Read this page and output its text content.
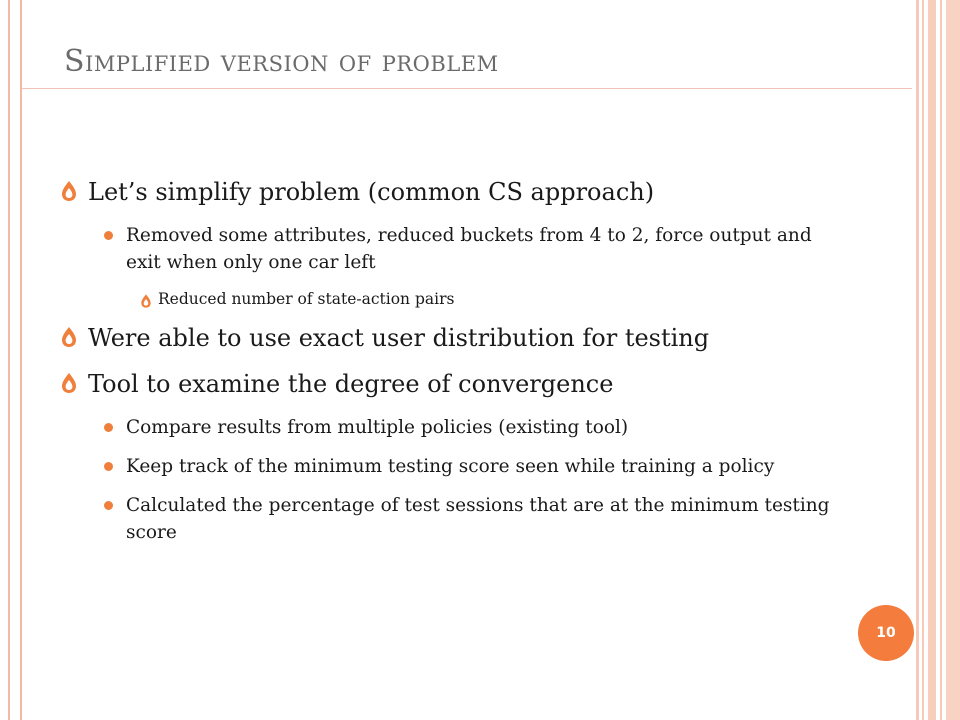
Simplified version of problem
Let’s simplify problem (common CS approach)
Removed some attributes, reduced buckets from 4 to 2, force output and exit when only one car left
Reduced number of state-action pairs
Were able to use exact user distribution for testing
Tool to examine the degree of convergence
Compare results from multiple policies (existing tool)
Keep track of the minimum testing score seen while training a policy
Calculated the percentage of test sessions that are at the minimum testing score
10
